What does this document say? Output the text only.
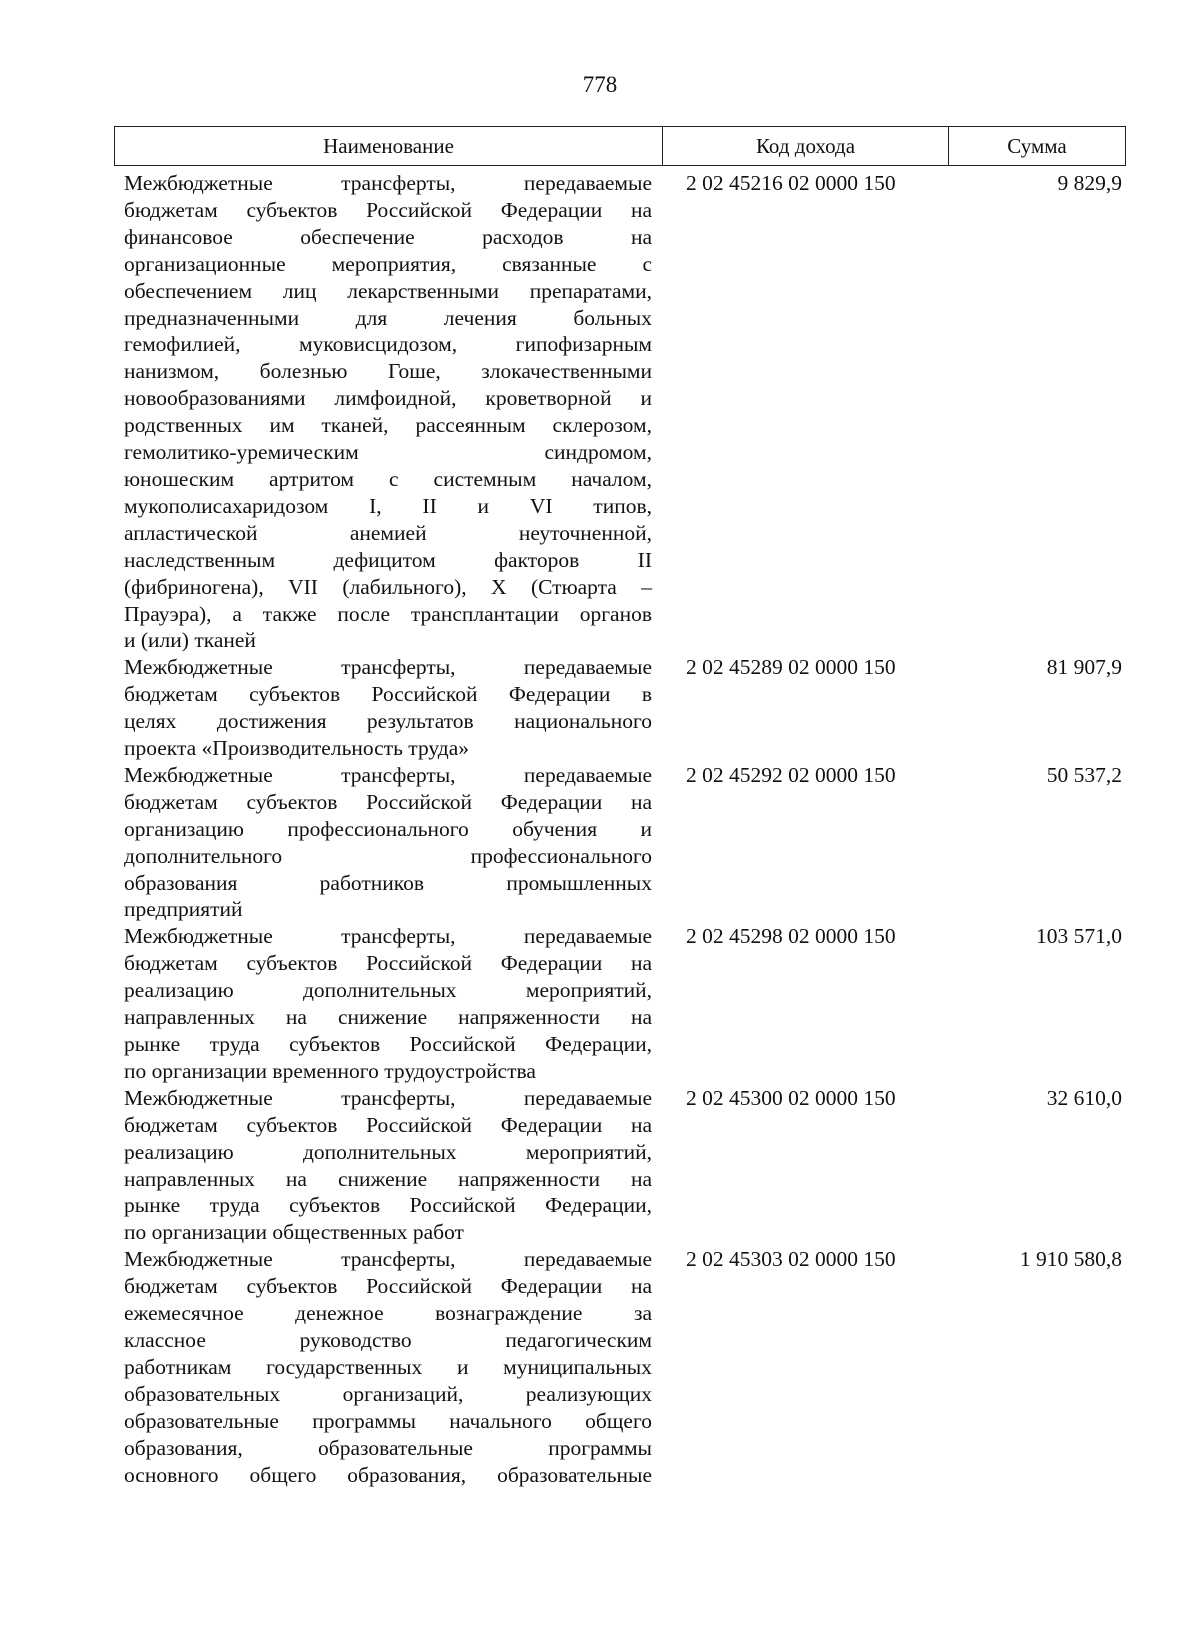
778
Наименование	Код дохода	Сумма
Межбюджетные трансферты, передаваемые
бюджетам субъектов Российской Федерации на
финансовое обеспечение расходов на
организационные мероприятия, связанные с
обеспечением лиц лекарственными препаратами,
предназначенными для лечения больных
гемофилией, муковисцидозом, гипофизарным
нанизмом, болезнью Гоше, злокачественными
новообразованиями лимфоидной, кроветворной и
родственных им тканей, рассеянным склерозом,
гемолитико-уремическим синдромом,
юношеским артритом с системным началом,
мукополисахаридозом I, II и VI типов,
апластической анемией неуточненной,
наследственным дефицитом факторов II
(фибриногена), VII (лабильного), X (Стюарта –
Прауэра), а также после трансплантации органов
и (или) тканей
2 02 45216 02 0000 150	9 829,9
Межбюджетные трансферты, передаваемые
бюджетам субъектов Российской Федерации в
целях достижения результатов национального
проекта «Производительность труда»
2 02 45289 02 0000 150	81 907,9
Межбюджетные трансферты, передаваемые
бюджетам субъектов Российской Федерации на
организацию профессионального обучения и
дополнительного профессионального
образования работников промышленных
предприятий
2 02 45292 02 0000 150	50 537,2
Межбюджетные трансферты, передаваемые
бюджетам субъектов Российской Федерации на
реализацию дополнительных мероприятий,
направленных на снижение напряженности на
рынке труда субъектов Российской Федерации,
по организации временного трудоустройства
2 02 45298 02 0000 150	103 571,0
Межбюджетные трансферты, передаваемые
бюджетам субъектов Российской Федерации на
реализацию дополнительных мероприятий,
направленных на снижение напряженности на
рынке труда субъектов Российской Федерации,
по организации общественных работ
2 02 45300 02 0000 150	32 610,0
Межбюджетные трансферты, передаваемые
бюджетам субъектов Российской Федерации на
ежемесячное денежное вознаграждение за
классное руководство педагогическим
работникам государственных и муниципальных
образовательных организаций, реализующих
образовательные программы начального общего
образования, образовательные программы
основного общего образования, образовательные
2 02 45303 02 0000 150	1 910 580,8
